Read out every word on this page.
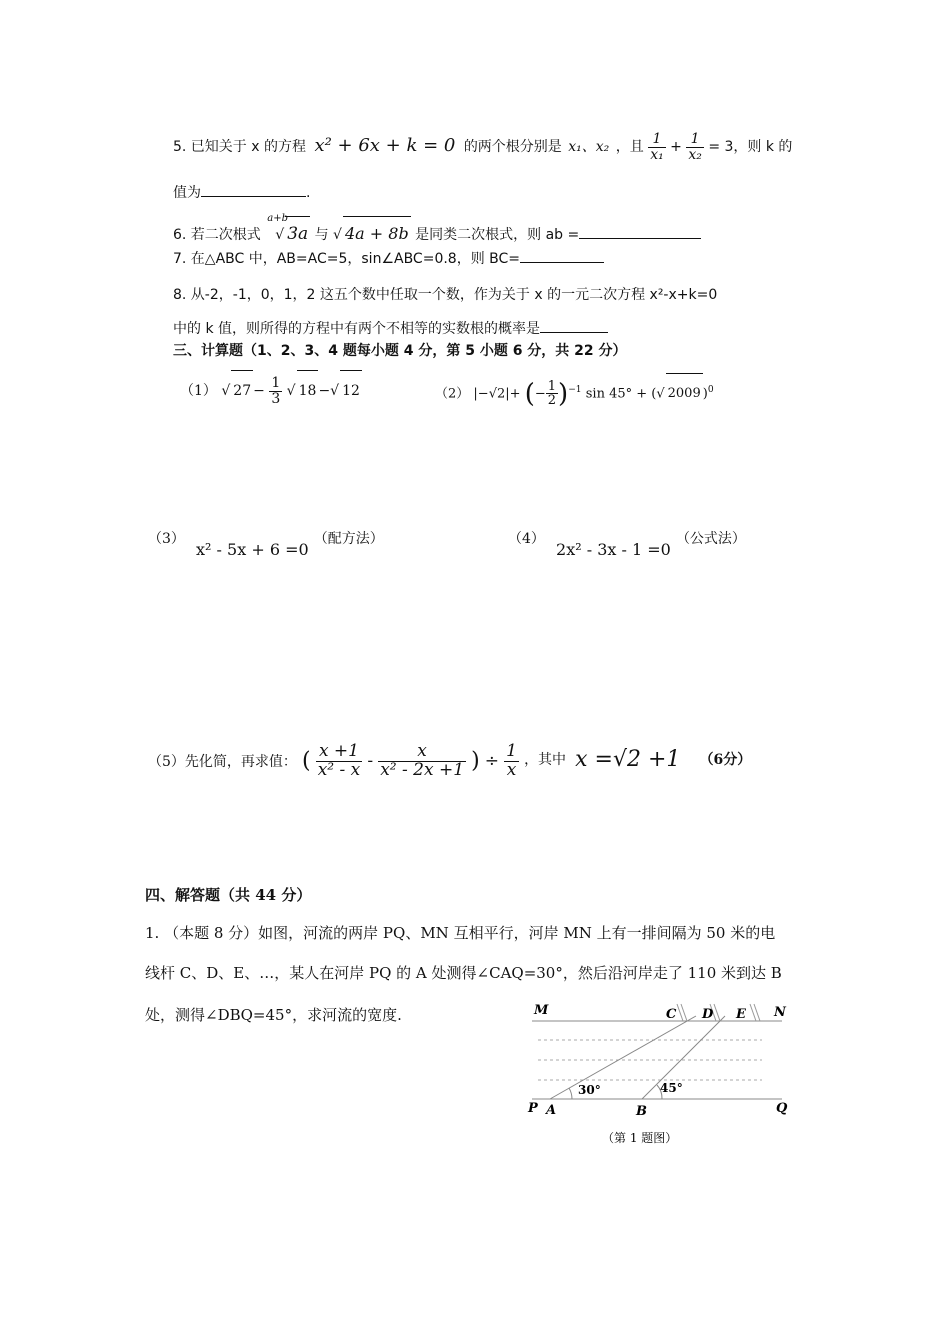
5. 已知关于 x 的方程 x² + 6x + k = 0 的两个根分别是 x₁、x₂ ，且 $\frac{1}{\text{x₁}} + \frac{1}{\text{x₂}} = 3$，则 k 的
值为	.
6. 若二次根式
a+b
√ 3a 与 √ 4a + 8b 是同类二次根式，则 ab =
7. 在△ABC 中，AB=AC=5，sin∠ABC=0.8，则 BC=
8. 从-2，-1，0，1，2 这五个数中任取一个数，作为关于 x 的一元二次方程 x²-x+k=0
中的 k 值，则所得的方程中有两个不相等的实数根的概率是
三、计算题（1、2、3、4 题每小题 4 分，第 5 小题 6 分，共 22 分）
（1） √ $27 - \frac{1}{3}$ √ 18 −√ 12	（2） |−√2|+ (− $\frac{1}{2} )^{-1}$ sin 45° + (√ 2009 )$^0$
（3） x² - 5x + 6 =0 （配方法）	（4） 2x² - 3x - 1 =0 （公式法）
（5）先化简，再求值： ( $\frac{x +1}{\text{x² - x}} - \frac{x}{\text{x² - 2x +1}}$ ) ÷ $\frac{1}{x}$ ，其中 x =√2 +1 （6分）
四、解答题（共 44 分）
1. （本题 8 分）如图，河流的两岸 PQ、MN 互相平行，河岸 MN 上有一排间隔为 50 米的电
线杆 C、D、E、…，某人在河岸 PQ 的 A 处测得∠CAQ=30°，然后沿河岸走了 110 米到达 B
处，测得∠DBQ=45°，求河流的宽度.	M	C D E N
P A	B	Q
30°	45°
（第 1 题图）
